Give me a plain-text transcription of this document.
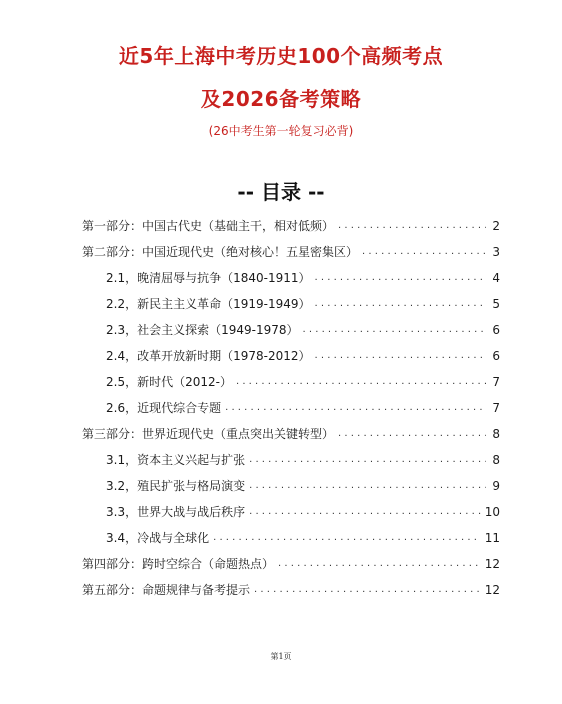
近5年上海中考历史100个高频考点
及2026备考策略
(26中考生第一轮复习必背)
-- 目录 --
第一部分：中国古代史（基础主干，相对低频） . . .	2
第二部分：中国近现代史（绝对核心！五星密集区） . . .	3
2.1，晚清屈辱与抗争（1840-1911） . . .	4
2.2，新民主主义革命（1919-1949） . . .	5
2.3，社会主义探索（1949-1978） . . .	6
2.4，改革开放新时期（1978-2012） . . .	6
2.5，新时代（2012-） . . .	7
2.6，近现代综合专题 . . .	7
第三部分：世界近现代史（重点突出关键转型） . . .	8
3.1，资本主义兴起与扩张 . . .	8
3.2，殖民扩张与格局演变 . . .	9
3.3，世界大战与战后秩序 . . .	10
3.4，冷战与全球化 . . .	11
第四部分：跨时空综合（命题热点） . . .	12
第五部分：命题规律与备考提示 . . .	12
第1页
